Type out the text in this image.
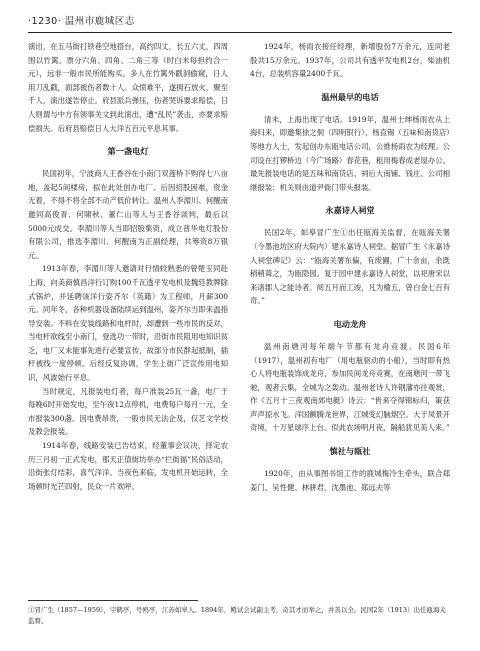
·1230· 温州市鹿城区志

演出，在五马街打铁巷空地搭台，高约四丈，长五六丈，四周围以竹篱。票分六角、四角、二角三等（时白米每担约合一元），远非一般市民所能购买。多人在竹篱外戳洞偷窥，日人用刀乱戳，面部被伤者数十人。众愤难平，遂拥石放火，聚至千人，演出遂告停止。府县派兵弹压，伤者哭诉要求赔偿，日人则谓与中方有领事关文到此演出，遭“乱民”袭击，亦要求赔偿损失。后府县赔偿日人大洋五百元平息其事。

第一盏电灯

民国初年，宁波商人王香谷在小南门双莲桥下购得七八亩地，盖起5间楼房，拟在此处创办电厂。后因招股困难，资金无着，不得不将全部不动产低价转让。温州人李湄川、何醒南邀同高俊青、何啸秋、董仁山等人与王香谷谈判，最后以5000元成交。李湄川等人当即招股集资，成立普华电灯股份有限公司，推选李湄川、何醒南为正副经理，共筹资8万银元。

1913年春，李湄川等人邀请对行情较熟悉的曾楚玉同赴上海，向美商慎昌洋行订购100千瓦透平发电机及魏廷教牌除式锅炉，并延聘该洋行姿齐尔（英籍）为工程师，月薪300元。同年冬，各种机器设备陆续运到温州，姿齐尔当即来温指导安装。不料在安装线路和电杆时，却遭到一些市民的反对，当电杆欲线至小南门，登选功一带时，沿街市民阻用电知识贫乏，电厂又未能事先进行必要宣传，故部分市民群起抵制，插杆被线一度停顿。后经反复协调，学生上街广泛宣传用电知识，风波始行平息。

当时规定，凡报装电灯者，每户准装25瓦一盏，电厂于每晚6时开始发电，至午夜12点停机，电费每户每月一元，全市报装300盏。因电费昂贵，一般市民无法企及，仅艺文学校及教会报装。

1914年春，线路安装已告结束，经董事会议决，择定农历三月初一正式发电，那天正值街坊举办“拦街福”民俗活动，沿街张灯结彩，喜气洋洋。当夜色来临，发电机开始运转，全场顿时光芒四射，民众一片欢呼。

1924年，杨雨农接任经理，新增股份7万余元，连同老股共15万余元。1937年，公司共有透平发电机2台，柴油机4台，总装机容量2400千瓦。

温州最早的电话

清末，上海出现了电话。1919年，温州士绅杨雨农从上海归来，即邀集徐之侗（四明银行）、杨直锡（五味和南货店）等地方人士，发起创办东瓯电话公司，公推杨雨农为经理。公司设在打锣桥边（今广场路）春花巷，租用梅春成老屋办公。最先报装电话的是五味和南货店、祠后大南铺、钱庄、公司相继报装；机关则由道尹衙门带头报装。

永嘉诗人祠堂

民国2年，如皋冒广生①出任瓯海关监督，在瓯海关署（今墨池坊区府大院内）建永嘉诗人祠堂。据冒广生《永嘉诗人祠堂碑记》云：“瓯海关署东偏，有废圃，广十余亩，余既稍稍葺之，为瓯隐园。复于园中建永嘉诗人祠堂，以祀唐宋以来诸郡人之能诗者。阅五月而工竣，凡为楹五，曾白金七百有奇。”

电动龙舟

温州南塘河每年端午节都有龙舟竞渡。民国6年（1917），温州初有电厂（用电瓶驱动的小船），当时即有热心人将电瓶装饰成龙舟，参加民间龙舟竞赛，在南塘河一带飞驰，观者云集，全城为之轰动。温州老诗人许钢藩亦往观赏，作《五月十三夜观南郊电艇》诗云：“皆来夺得锦标归，策获声声掠水飞。洋国颤腾龙世界，江城变幻脑烟空。大于凤景开奇境，十万星球序上台。似此农场明月夜，隔船犹见美人来。”

慎社与瓯社

1920年，由从事图书馆工作的鹿城梅冷生牵头，联合郑姜门、吴性健、林骈君、沈墨池、郑远夫等

①冒广生（1857—1959），字鹤亭，号鸥亭，江苏如皋人。1894年，殿试会试副主考，奇其才而举之，并善以全。民国2年（1913）出任瓯海关监督。
